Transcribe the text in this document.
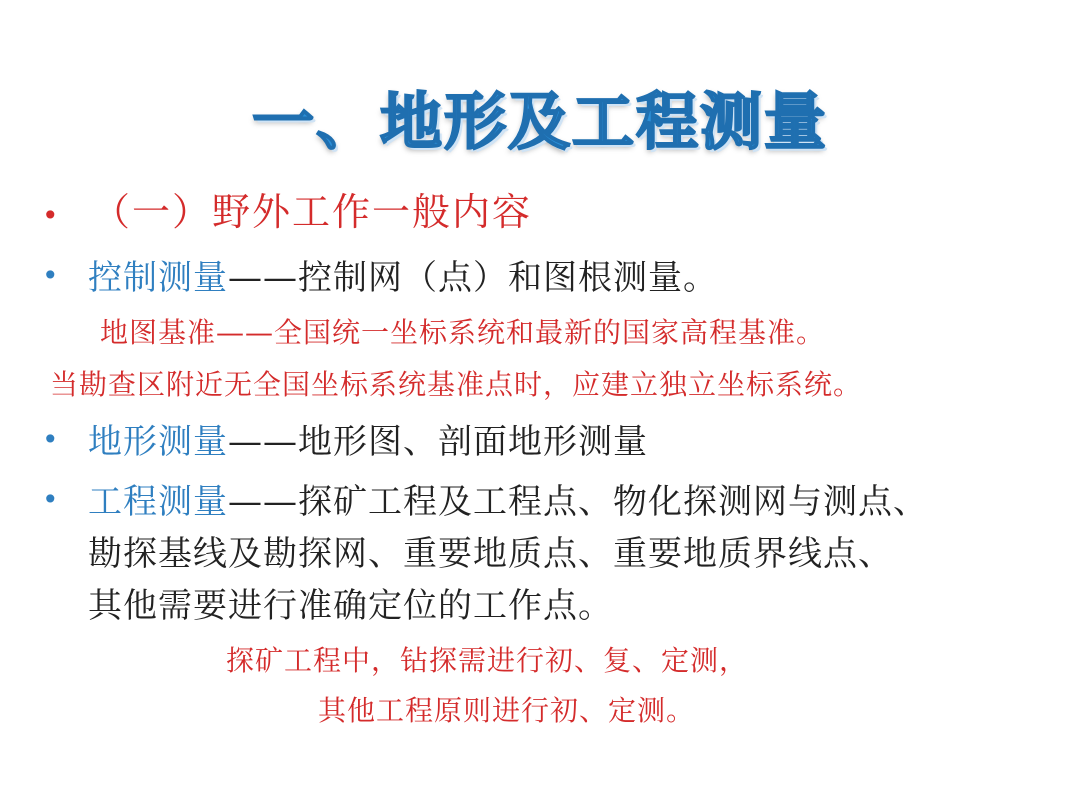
一、地形及工程测量
• （一）野外工作一般内容
• 控制测量——控制网（点）和图根测量。
地图基准——全国统一坐标系统和最新的国家高程基准。
当勘查区附近无全国坐标系统基准点时，应建立独立坐标系统。
• 地形测量——地形图、剖面地形测量
• 工程测量——探矿工程及工程点、物化探测网与测点、
勘探基线及勘探网、重要地质点、重要地质界线点、
其他需要进行准确定位的工作点。
探矿工程中，钻探需进行初、复、定测，
其他工程原则进行初、定测。
